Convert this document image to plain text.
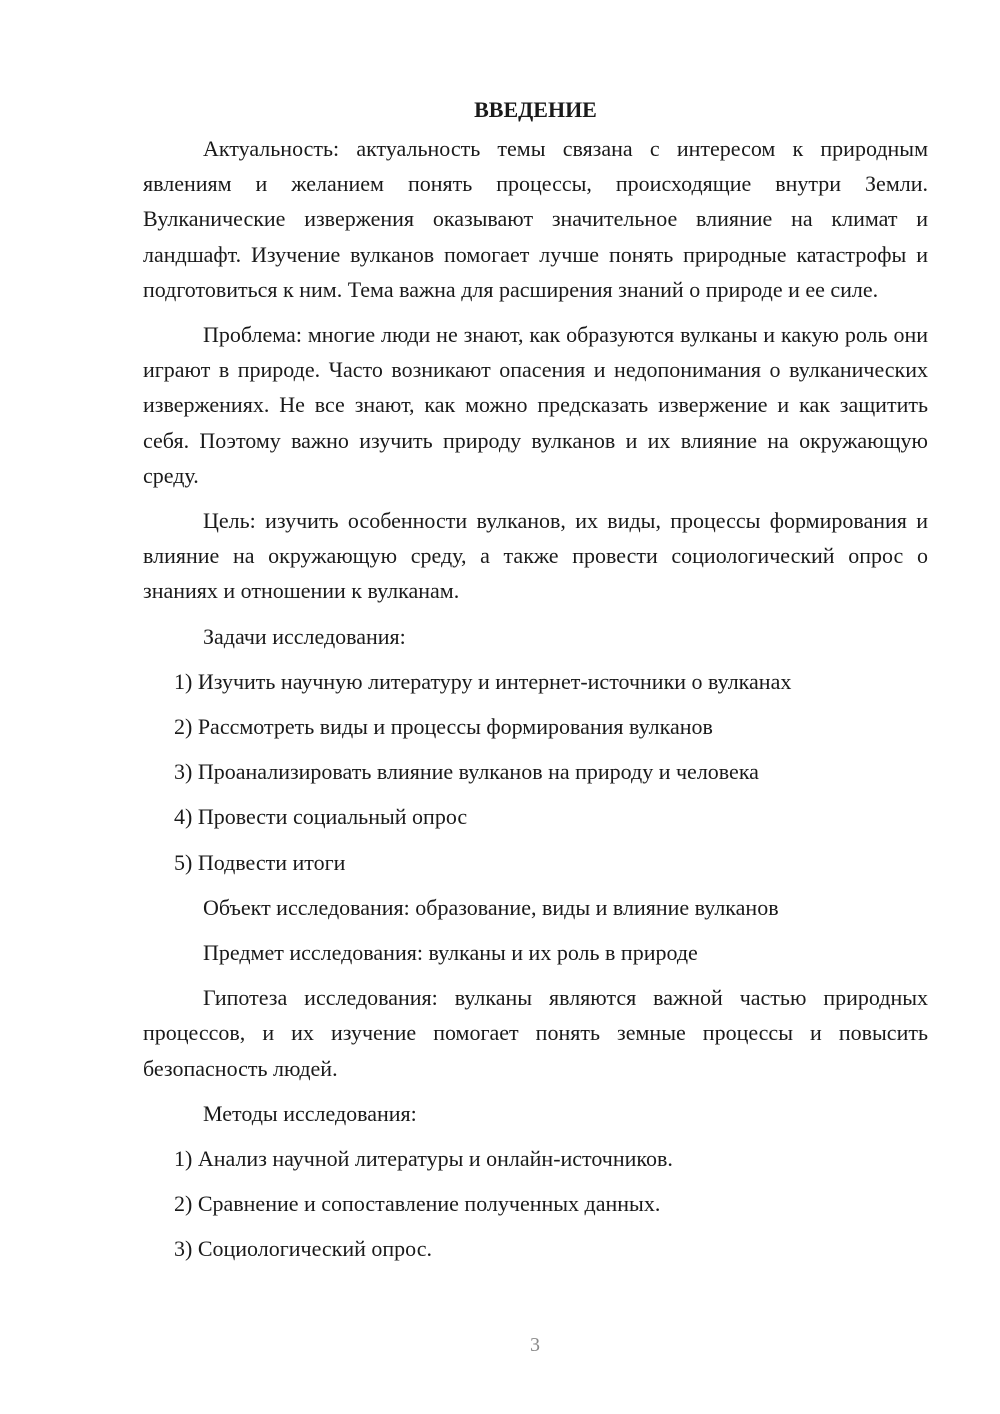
ВВЕДЕНИЕ

Актуальность: актуальность темы связана с интересом к природным явлениям и желанием понять процессы, происходящие внутри Земли. Вулканические извержения оказывают значительное влияние на климат и ландшафт. Изучение вулканов помогает лучше понять природные катастрофы и подготовиться к ним. Тема важна для расширения знаний о природе и ее силе.

Проблема: многие люди не знают, как образуются вулканы и какую роль они играют в природе. Часто возникают опасения и недопонимания о вулканических извержениях. Не все знают, как можно предсказать извержение и как защитить себя. Поэтому важно изучить природу вулканов и их влияние на окружающую среду.

Цель: изучить особенности вулканов, их виды, процессы формирования и влияние на окружающую среду, а также провести социологический опрос о знаниях и отношении к вулканам.

Задачи исследования:
1) Изучить научную литературу и интернет-источники о вулканах
2) Рассмотреть виды и процессы формирования вулканов
3) Проанализировать влияние вулканов на природу и человека
4) Провести социальный опрос
5) Подвести итоги
Объект исследования: образование, виды и влияние вулканов
Предмет исследования: вулканы и их роль в природе

Гипотеза исследования: вулканы являются важной частью природных процессов, и их изучение помогает понять земные процессы и повысить безопасность людей.

Методы исследования:
1) Анализ научной литературы и онлайн-источников.
2) Сравнение и сопоставление полученных данных.
3) Социологический опрос.
3
